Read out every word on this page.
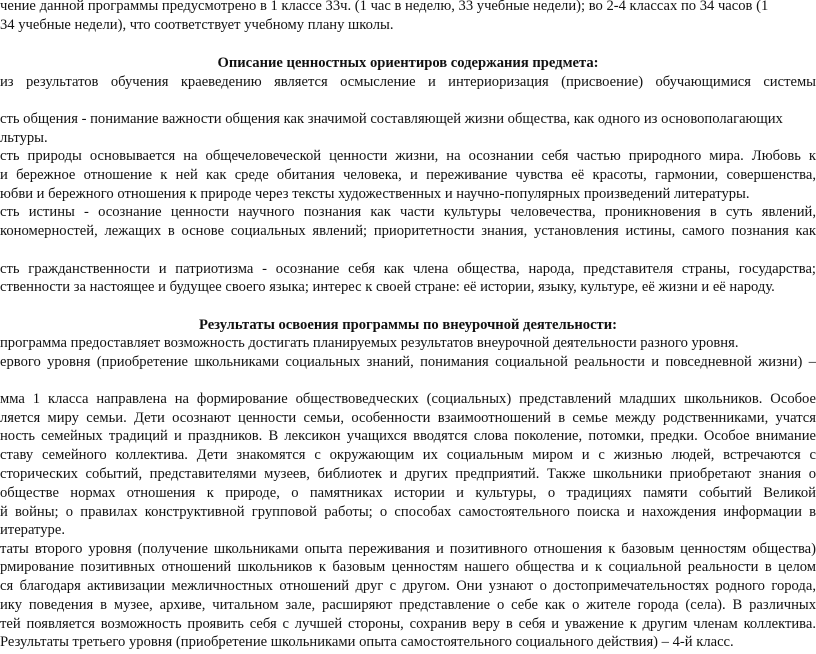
чение данной программы предусмотрено в 1 классе 33ч. (1 час в неделю, 33 учебные недели); во 2-4 классах по 34 часов (1
34 учебные недели), что соответствует учебному плану школы.
Описание ценностных ориентиров содержания предмета:
из результатов обучения краеведению является осмысление и интериоризация (присвоение) обучающимися системы
сть общения - понимание важности общения как значимой составляющей жизни общества, как одного из основополагающих
льтуры.
сть природы основывается на общечеловеческой ценности жизни, на осознании себя частью природного мира. Любовь к
и бережное отношение к ней как среде обитания человека, и переживание чувства её красоты, гармонии, совершенства,
юбви и бережного отношения к природе через тексты художественных и научно-популярных произведений литературы.
сть истины - осознание ценности научного познания как части культуры человечества, проникновения в суть явлений,
кономерностей, лежащих в основе социальных явлений; приоритетности знания, установления истины, самого познания как
сть гражданственности и патриотизма - осознание себя как члена общества, народа, представителя страны, государства;
ственности за настоящее и будущее своего языка; интерес к своей стране: её истории, языку, культуре, её жизни и её народу.
Результаты освоения программы по внеурочной деятельности:
программа предоставляет возможность достигать планируемых результатов внеурочной деятельности разного уровня.
ервого уровня (приобретение школьниками социальных знаний, понимания социальной реальности и повседневной жизни) –
мма 1 класса направлена на формирование обществоведческих (социальных) представлений младших школьников. Особое
ляется миру семьи. Дети осознают ценности семьи, особенности взаимоотношений в семье между родственниками, учатся
ность семейных традиций и праздников. В лексикон учащихся вводятся слова поколение, потомки, предки. Особое внимание
ставу семейного коллектива. Дети знакомятся с окружающим их социальным миром и с жизнью людей, встречаются с
сторических событий, представителями музеев, библиотек и других предприятий. Также школьники приобретают знания о
обществе нормах отношения к природе, о памятниках истории и культуры, о традициях памяти событий Великой
й войны; о правилах конструктивной групповой работы; о способах самостоятельного поиска и нахождения информации в
итературе.
таты второго уровня (получение школьниками опыта переживания и позитивного отношения к базовым ценностям общества)
рмирование позитивных отношений школьников к базовым ценностям нашего общества и к социальной реальности в целом
ся благодаря активизации межличностных отношений друг с другом. Они узнают о достопримечательностях родного города,
ику поведения в музее, архиве, читальном зале, расширяют представление о себе как о жителе города (села). В различных
тей появляется возможность проявить себя с лучшей стороны, сохранив веру в себя и уважение к другим членам коллектива.
Результаты третьего уровня (приобретение школьниками опыта самостоятельного социального действия) – 4-й класс.
